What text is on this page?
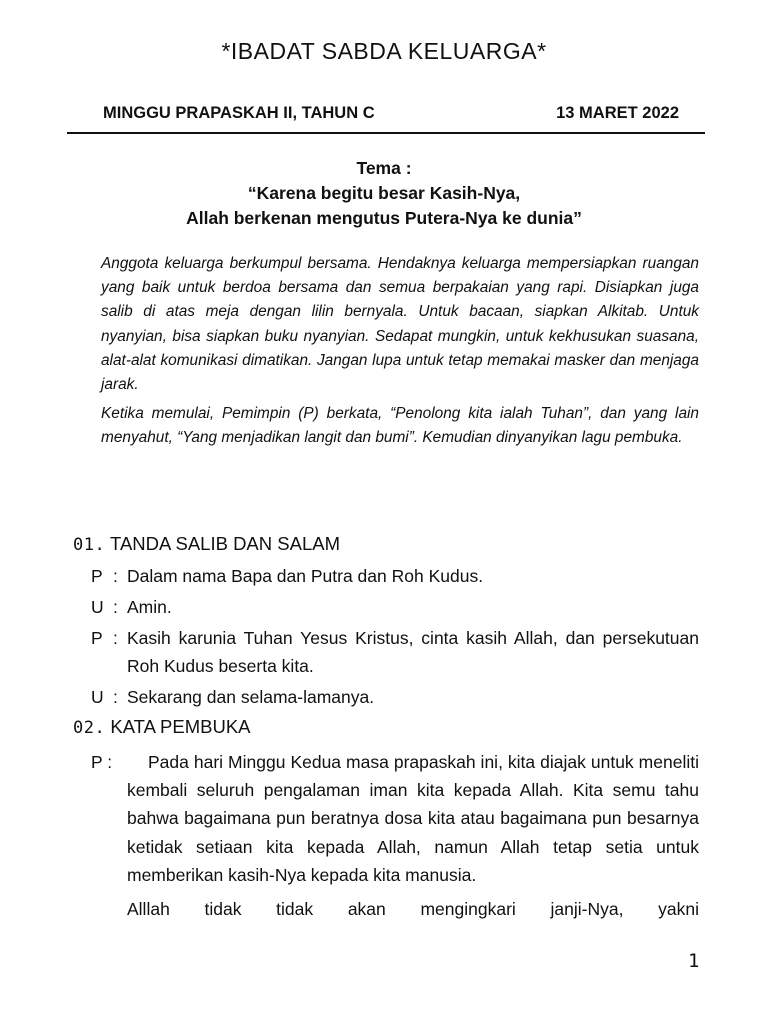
*IBADAT SABDA KELUARGA*
MINGGU PRAPASKAH II, TAHUN C	13 MARET 2022
Tema :
“Karena begitu besar Kasih-Nya,
Allah berkenan mengutus Putera-Nya ke dunia”

Anggota keluarga berkumpul bersama. Hendaknya keluarga mempersiapkan ruangan yang baik untuk berdoa bersama dan semua berpakaian yang rapi. Disiapkan juga salib di atas meja dengan lilin bernyala. Untuk bacaan, siapkan Alkitab. Untuk nyanyian, bisa siapkan buku nyanyian. Sedapat mungkin, untuk kekhusukan suasana, alat-alat komunikasi dimatikan. Jangan lupa untuk tetap memakai masker dan menjaga jarak.

Ketika memulai, Pemimpin (P) berkata, “Penolong kita ialah Tuhan”, dan yang lain menyahut, “Yang menjadikan langit dan bumi”. Kemudian dinyanyikan lagu pembuka.

01. TANDA SALIB DAN SALAM
P : Dalam nama Bapa dan Putra dan Roh Kudus.
U : Amin.
P : Kasih karunia Tuhan Yesus Kristus, cinta kasih Allah, dan persekutuan Roh Kudus beserta kita.
U : Sekarang dan selama-lamanya.
02. KATA PEMBUKA
P :	Pada hari Minggu Kedua masa prapaskah ini, kita diajak untuk meneliti kembali seluruh pengalaman iman kita kepada Allah. Kita semu tahu bahwa bagaimana pun beratnya dosa kita atau bagaimana pun besarnya ketidak setiaan kita kepada Allah, namun Allah tetap setia untuk memberikan kasih-Nya kepada kita manusia.
Alllah tidak tidak akan mengingkari janji-Nya, yakni
1
